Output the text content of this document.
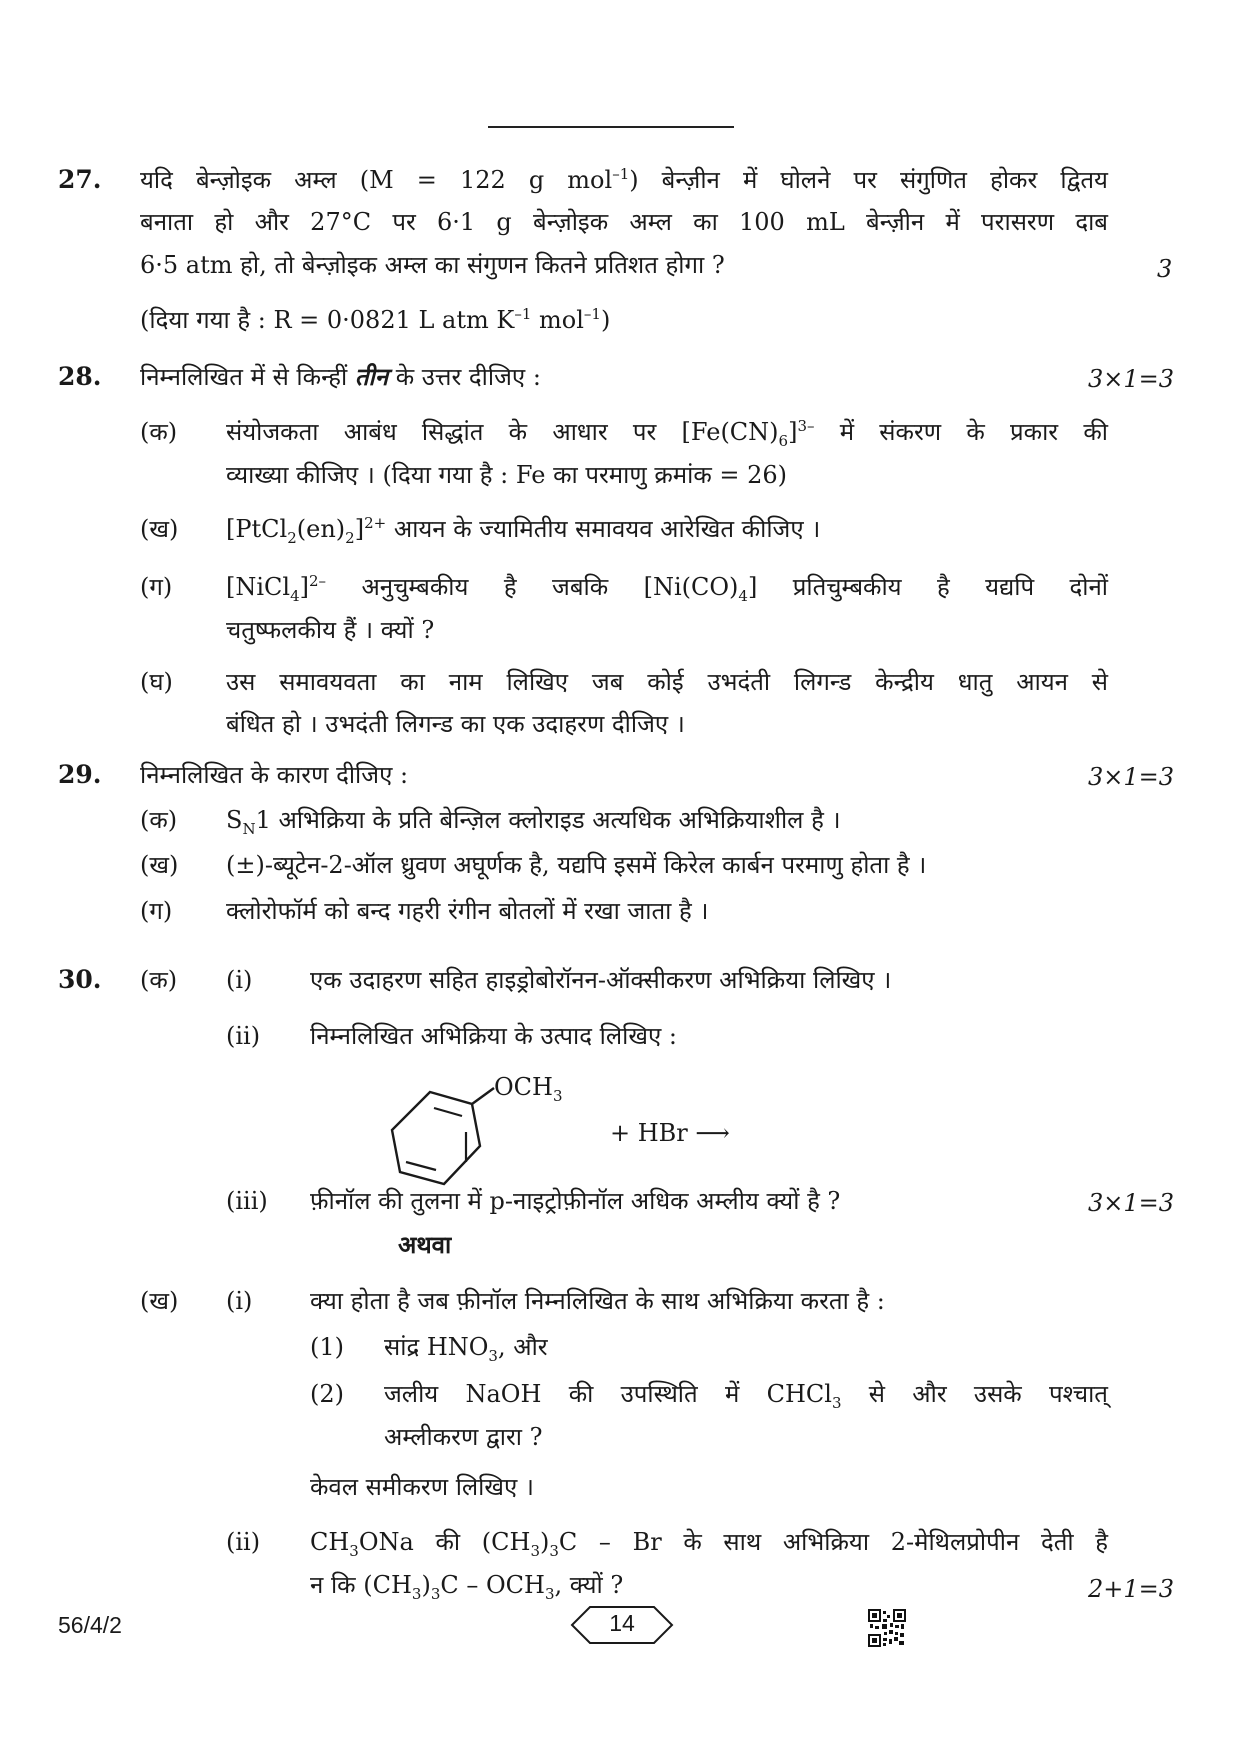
27. यदि बेन्ज़ोइक अम्ल (M = 122 g mol$^{-1}$) बेन्ज़ीन में घोलने पर संगुणित होकर द्वितय
बनाता हो और 27°C पर 6·1 g बेन्ज़ोइक अम्ल का 100 mL बेन्ज़ीन में परासरण दाब
6·5 atm हो, तो बेन्ज़ोइक अम्ल का संगुणन कितने प्रतिशत होगा ?	3
(दिया गया है : R = 0·0821 L atm $K^{-1}$ mol$^{-1}$)
28. निम्नलिखित में से किन्हीं तीन के उत्तर दीजिए :	3×1=3
(क) संयोजकता आबंध सिद्धांत के आधार पर $[Fe(CN)_6]^{3-}$ में संकरण के प्रकार की
व्याख्या कीजिए । (दिया गया है : Fe का परमाणु क्रमांक = 26)
(ख) $[PtCl_2(en)_2]^{2+}$ आयन के ज्यामितीय समावयव आरेखित कीजिए ।
(ग) [NiCl$_4$]$^{2-}$ अनुचुम्बकीय है जबकि $[Ni(CO)_4]$ प्रतिचुम्बकीय है यद्यपि दोनों
चतुष्फलकीय हैं । क्यों ?
(घ) उस समावयवता का नाम लिखिए जब कोई उभदंती लिगन्ड केन्द्रीय धातु आयन से
बंधित हो । उभदंती लिगन्ड का एक उदाहरण दीजिए ।
29. निम्नलिखित के कारण दीजिए :	3×1=3
(क) $S_N1$ अभिक्रिया के प्रति बेन्ज़िल क्लोराइड अत्यधिक अभिक्रियाशील है ।
(ख) (±)-ब्यूटेन-2-ऑल ध्रुवण अघूर्णक है, यद्यपि इसमें किरेल कार्बन परमाणु होता है ।
(ग) क्लोरोफॉर्म को बन्द गहरी रंगीन बोतलों में रखा जाता है ।
30. (क) (i) एक उदाहरण सहित हाइड्रोबोरॉनन-ऑक्सीकरण अभिक्रिया लिखिए ।
(ii) निम्नलिखित अभिक्रिया के उत्पाद लिखिए :
$OCH_3$
+ HBr ⟶
(iii) फ़ीनॉल की तुलना में p-नाइट्रोफ़ीनॉल अधिक अम्लीय क्यों है ?	3×1=3
अथवा
(ख) (i) क्या होता है जब फ़ीनॉल निम्नलिखित के साथ अभिक्रिया करता है :
(1) सांद्र $HNO_3$, और
(2) जलीय NaOH की उपस्थिति में CHCl$_3$ से और उसके पश्चात्
अम्लीकरण द्वारा ?
केवल समीकरण लिखिए ।
(ii) $CH_3ONa$ की $(CH_3)_3C$ – Br के साथ अभिक्रिया 2-मेथिलप्रोपीन देती है
न कि $(CH_3)_3C - OCH_3$, क्यों ?	2+1=3
56/4/2	14
